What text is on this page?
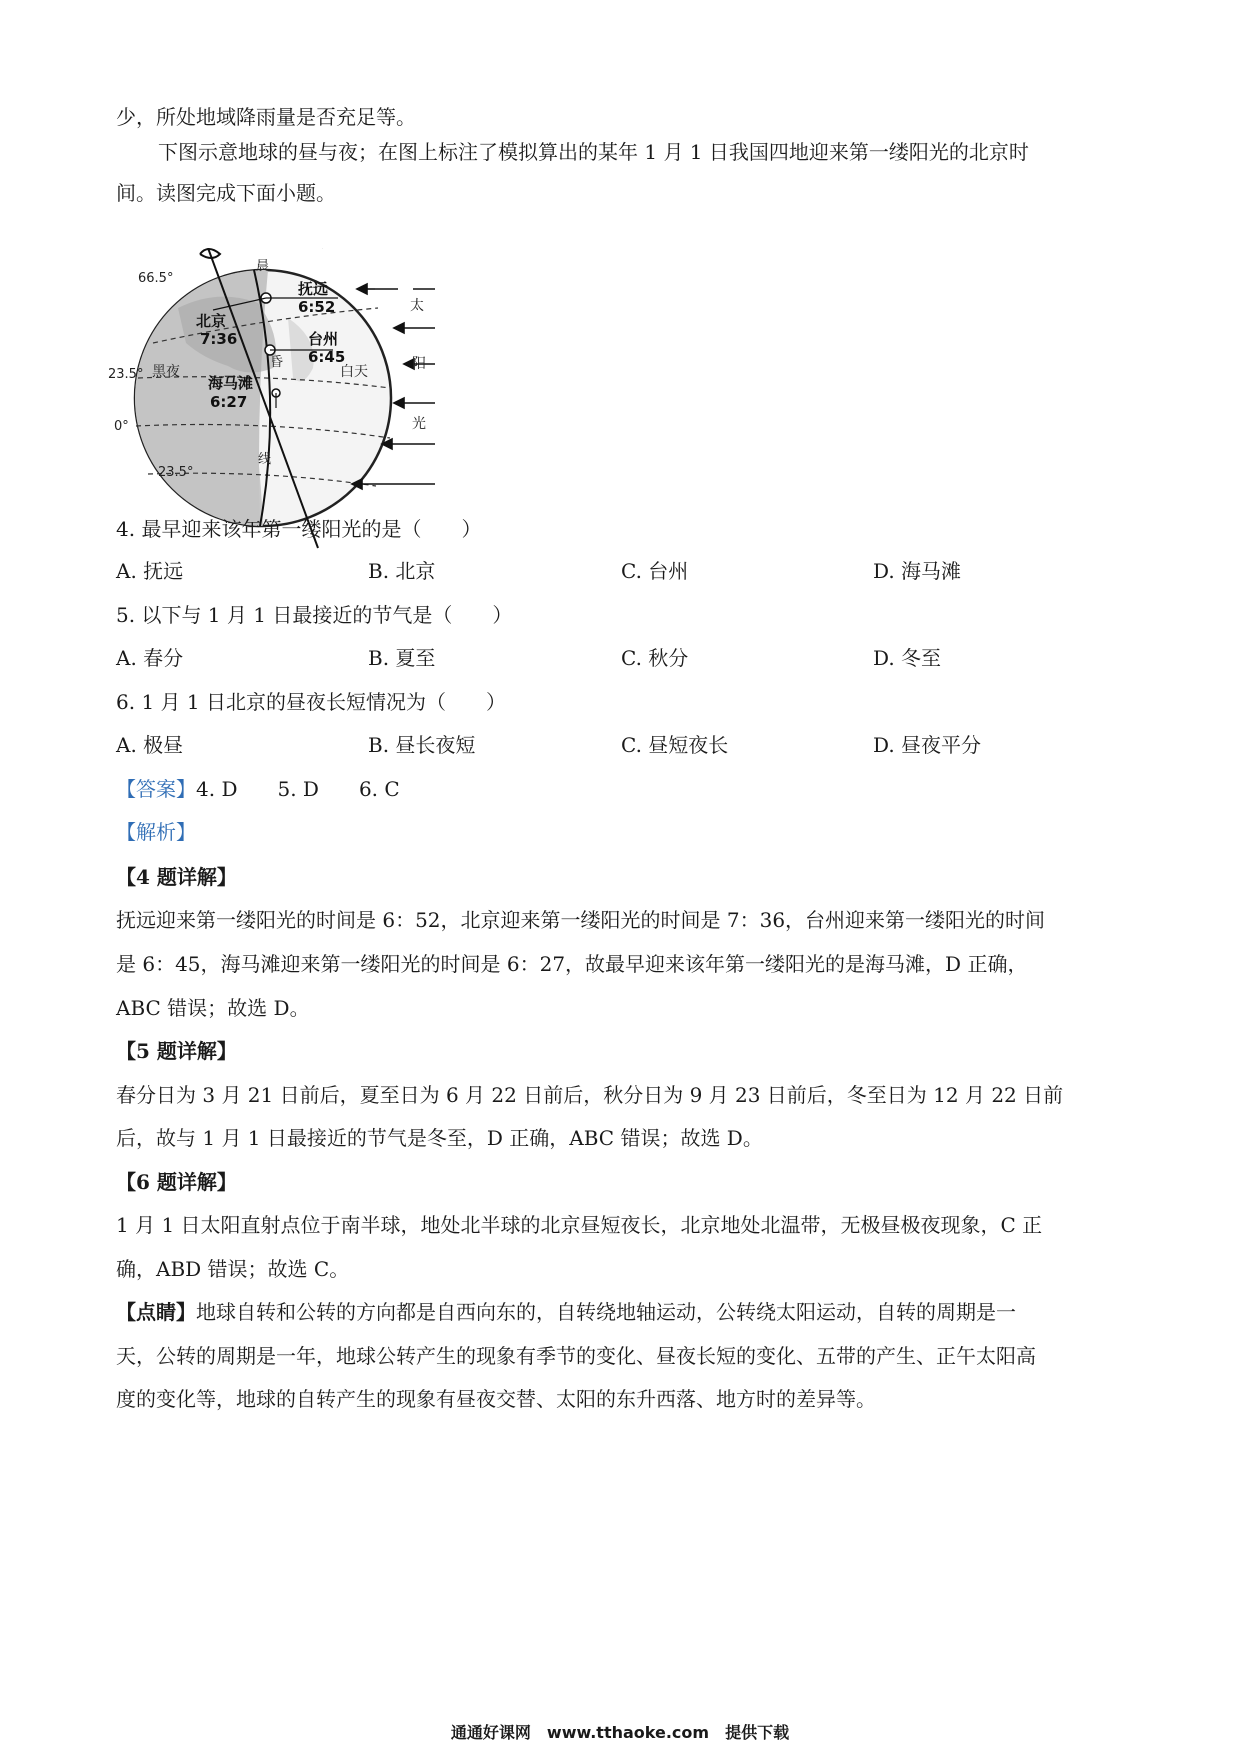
少，所处地域降雨量是否充足等。
下图示意地球的昼与夜；在图上标注了模拟算出的某年 1 月 1 日我国四地迎来第一缕阳光的北京时
间。读图完成下面小题。
66.5°
23.5°
0°
23.5°
黑夜	白天
北京
7:36
抚远
6:52
台州
6:45
海马滩
6:27
晨
昏
线
太
阳
光
4. 最早迎来该年第一缕阳光的是（　　）
A. 抚远	B. 北京	C. 台州	D. 海马滩
5. 以下与 1 月 1 日最接近的节气是（　　）
A. 春分	B. 夏至	C. 秋分	D. 冬至
6. 1 月 1 日北京的昼夜长短情况为（　　）
A. 极昼	B. 昼长夜短	C. 昼短夜长	D. 昼夜平分
【答案】4. D　　5. D　　6. C
【解析】
【4 题详解】
抚远迎来第一缕阳光的时间是 6：52，北京迎来第一缕阳光的时间是 7：36，台州迎来第一缕阳光的时间
是 6：45，海马滩迎来第一缕阳光的时间是 6：27，故最早迎来该年第一缕阳光的是海马滩，D 正确，
ABC 错误；故选 D。
【5 题详解】
春分日为 3 月 21 日前后，夏至日为 6 月 22 日前后，秋分日为 9 月 23 日前后，冬至日为 12 月 22 日前
后，故与 1 月 1 日最接近的节气是冬至，D 正确，ABC 错误；故选 D。
【6 题详解】
1 月 1 日太阳直射点位于南半球，地处北半球的北京昼短夜长，北京地处北温带，无极昼极夜现象，C 正
确，ABD 错误；故选 C。
【点睛】地球自转和公转的方向都是自西向东的，自转绕地轴运动，公转绕太阳运动，自转的周期是一
天，公转的周期是一年，地球公转产生的现象有季节的变化、昼夜长短的变化、五带的产生、正午太阳高
度的变化等，地球的自转产生的现象有昼夜交替、太阳的东升西落、地方时的差异等。
通通好课网　www.tthaoke.com　提供下载
